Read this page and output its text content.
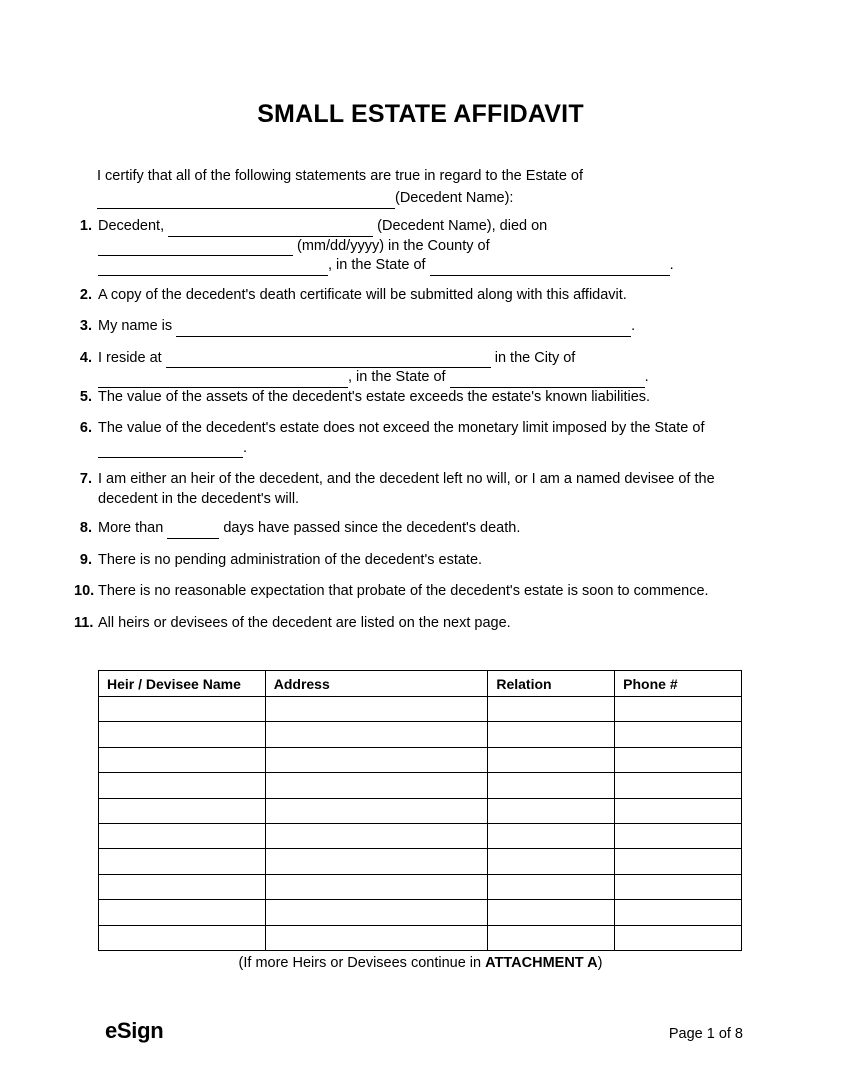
SMALL ESTATE AFFIDAVIT
I certify that all of the following statements are true in regard to the Estate of
(Decedent Name):
1. Decedent,	(Decedent Name), died on
(mm/dd/yyyy) in the County of
, in the State of	.
2. A copy of the decedent's death certificate will be submitted along with this affidavit.
3. My name is	.
4. I reside at	in the City of
, in the State of	.
5. The value of the assets of the decedent's estate exceeds the estate's known liabilities.
6. The value of the decedent's estate does not exceed the monetary limit imposed by the State of
.
7. I am either an heir of the decedent, and the decedent left no will, or I am a named devisee of the decedent in the decedent's will.
8. More than	days have passed since the decedent's death.
9. There is no pending administration of the decedent's estate.
10. There is no reasonable expectation that probate of the decedent's estate is soon to commence.
11. All heirs or devisees of the decedent are listed on the next page.
Heir / Devisee Name	Address	Relation	Phone #

(If more Heirs or Devisees continue in ATTACHMENT A)
eSign	Page 1 of 8
